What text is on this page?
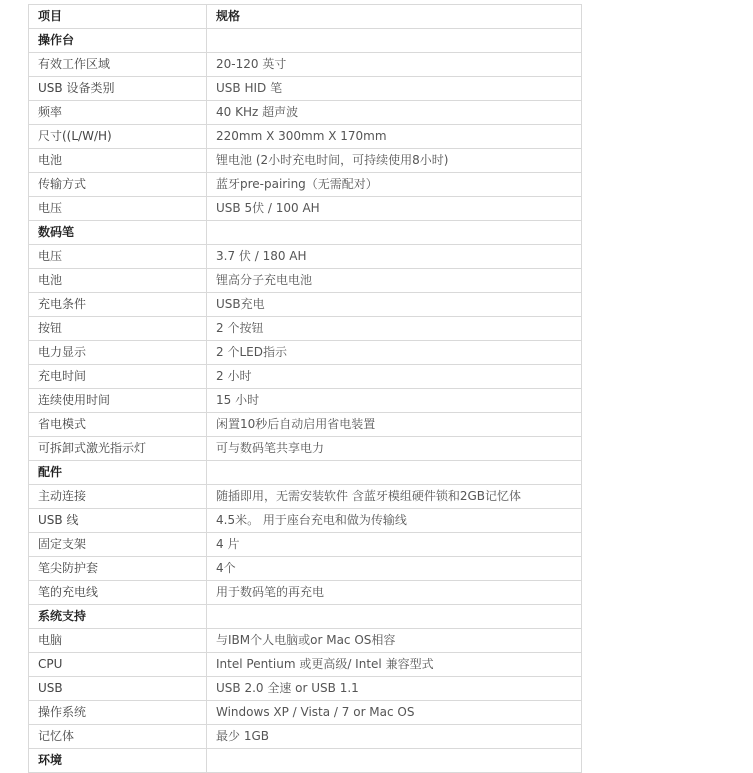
项目	规格
操作台	
有效工作区域	20-120 英寸
USB 设备类别	USB HID 笔
频率	40 KHz 超声波
尺寸((L/W/H)	220mm X 300mm X 170mm
电池	锂电池 (2小时充电时间，可持续使用8小时)
传输方式	蓝牙pre-pairing（无需配对）
电压	USB 5伏 / 100 AH
数码笔	
电压	3.7 伏 / 180 AH
电池	锂高分子充电电池
充电条件	USB充电
按钮	2 个按钮
电力显示	2 个LED指示
充电时间	2 小时
连续使用时间	15 小时
省电模式	闲置10秒后自动启用省电装置
可拆卸式激光指示灯	可与数码笔共享电力
配件	
主动连接	随插即用，无需安装软件 含蓝牙模组硬件锁和2GB记忆体
USB 线	4.5米。 用于座台充电和做为传输线
固定支架	4 片
笔尖防护套	4个
笔的充电线	用于数码笔的再充电
系统支持	
电脑	与IBM个人电脑或or Mac OS相容
CPU	Intel Pentium 或更高级/ Intel 兼容型式
USB	USB 2.0 全速 or USB 1.1
操作系统	Windows XP / Vista / 7 or Mac OS
记忆体	最少 1GB
环境	
